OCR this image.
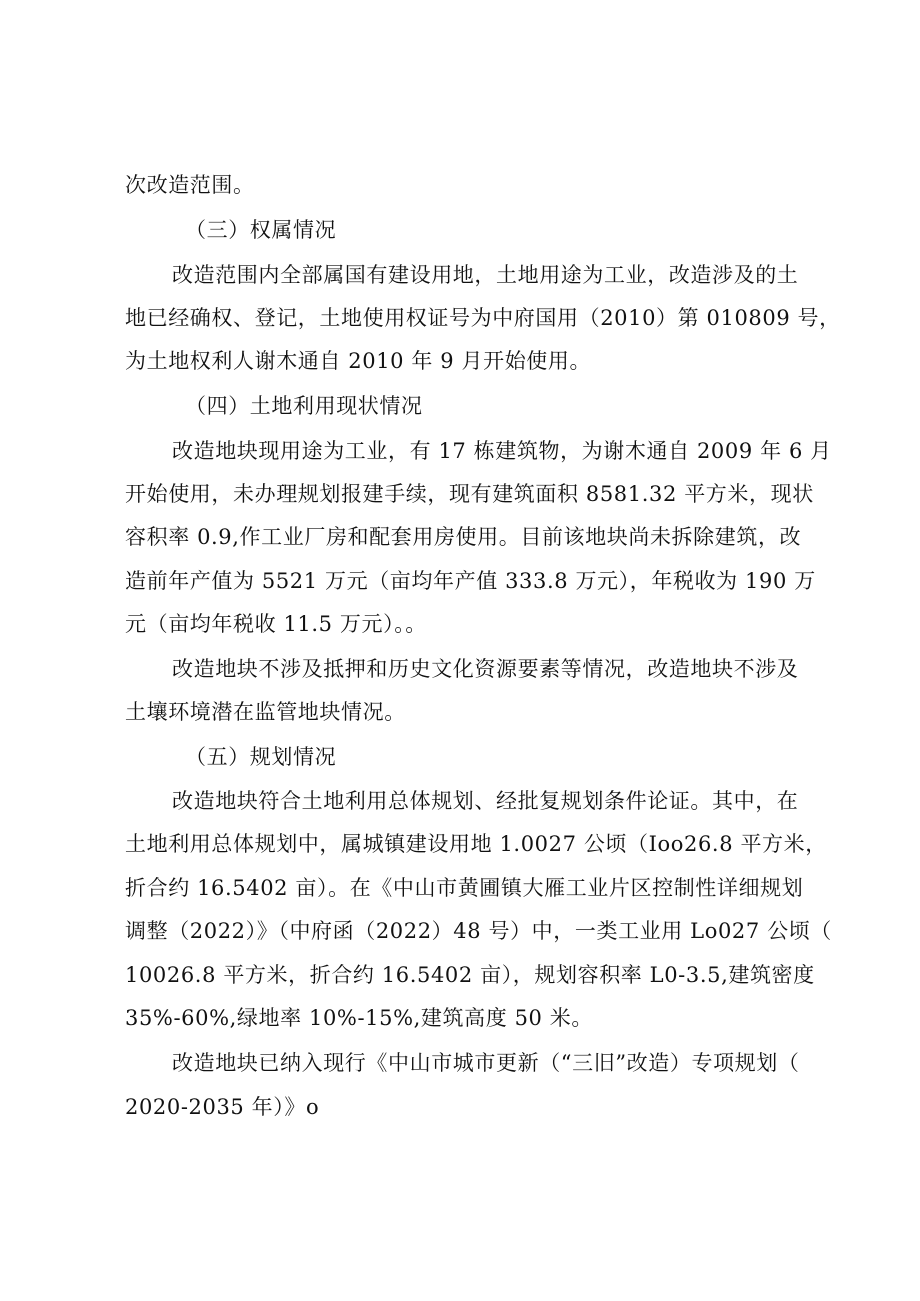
次改造范围。
（三）权属情况
改造范围内全部属国有建设用地，土地用途为工业，改造涉及的土
地已经确权、登记，土地使用权证号为中府国用（2010）第 010809 号，
为土地权利人谢木通自 2010 年 9 月开始使用。
（四）土地利用现状情况
改造地块现用途为工业，有 17 栋建筑物，为谢木通自 2009 年 6 月
开始使用，未办理规划报建手续，现有建筑面积 8581.32 平方米，现状
容积率 0.9,作工业厂房和配套用房使用。目前该地块尚未拆除建筑，改
造前年产值为 5521 万元（亩均年产值 333.8 万元），年税收为 190 万
元（亩均年税收 11.5 万元）。。
改造地块不涉及抵押和历史文化资源要素等情况，改造地块不涉及
土壤环境潜在监管地块情况。
（五）规划情况
改造地块符合土地利用总体规划、经批复规划条件论证。其中，在
土地利用总体规划中，属城镇建设用地 1.0027 公顷（Ioo26.8 平方米，
折合约 16.5402 亩）。在《中山市黄圃镇大雁工业片区控制性详细规划
调整（2022）》（中府函（2022）48 号）中，一类工业用 Lo027 公顷（
10026.8 平方米，折合约 16.5402 亩），规划容积率 L0-3.5,建筑密度
35%-60%,绿地率 10%-15%,建筑高度 50 米。
改造地块已纳入现行《中山市城市更新（“三旧”改造）专项规划（
2020-2035 年）》o
